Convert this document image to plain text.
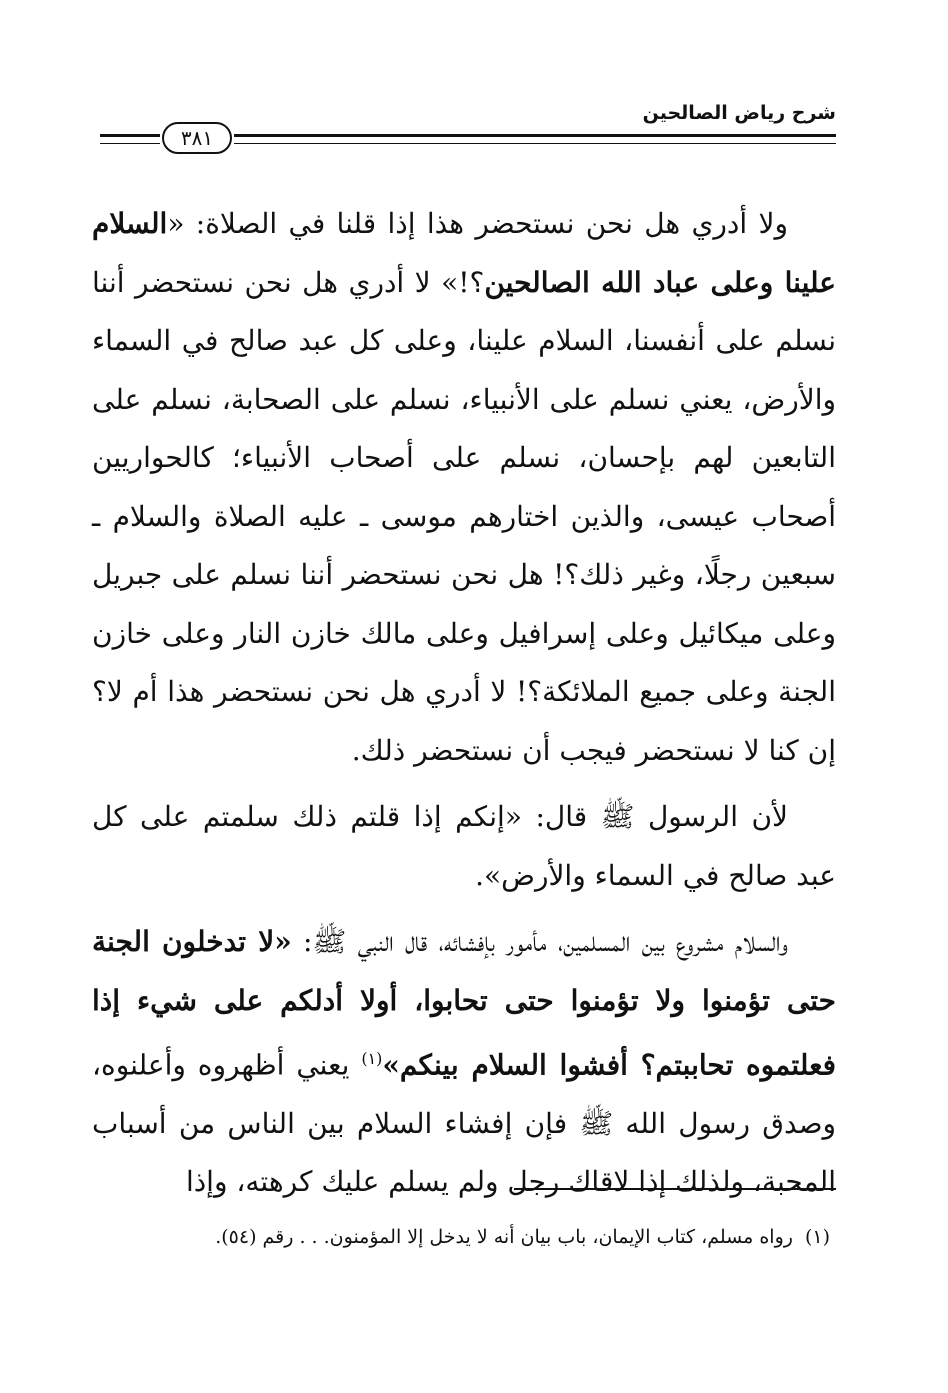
شرح رياض الصالحين
٣٨١

ولا أدري هل نحن نستحضر هذا إذا قلنا في الصلاة: «السلام علينا وعلى عباد الله الصالحين؟!» لا أدري هل نحن نستحضر أننا نسلم على أنفسنا، السلام علينا، وعلى كل عبد صالح في السماء والأرض، يعني نسلم على الأنبياء، نسلم على الصحابة، نسلم على التابعين لهم بإحسان، نسلم على أصحاب الأنبياء؛ كالحواريين أصحاب عيسى، والذين اختارهم موسى ـ عليه الصلاة والسلام ـ سبعين رجلًا، وغير ذلك؟! هل نحن نستحضر أننا نسلم على جبريل وعلى ميكائيل وعلى إسرافيل وعلى مالك خازن النار وعلى خازن الجنة وعلى جميع الملائكة؟! لا أدري هل نحن نستحضر هذا أم لا؟ إن كنا لا نستحضر فيجب أن نستحضر ذلك.

لأن الرسول ﷺ قال: «إنكم إذا قلتم ذلك سلمتم على كل عبد صالح في السماء والأرض».

والسلام مشروع بين المسلمين، مأمور بإفشائه، قال النبي ﷺ: «لا تدخلون الجنة حتى تؤمنوا ولا تؤمنوا حتى تحابوا، أولا أدلكم على شيء إذا فعلتموه تحاببتم؟ أفشوا السلام بينكم»$^{(١)}$ يعني أظهروه وأعلنوه، وصدق رسول الله ﷺ فإن إفشاء السلام بين الناس من أسباب المحبة، ولذلك إذا لاقاك رجل ولم يسلم عليك كرهته، وإذا

(١)رواه مسلم، كتاب الإيمان، باب بيان أنه لا يدخل إلا المؤمنون. . . رقم (٥٤).
